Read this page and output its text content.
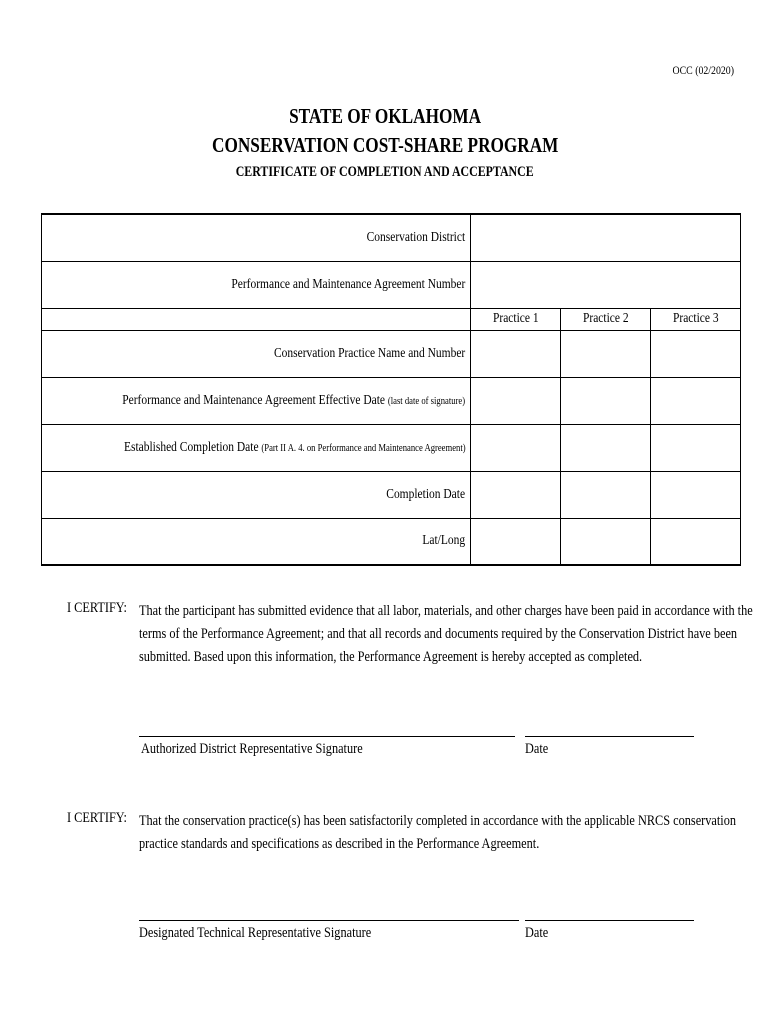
OCC (02/2020)
STATE OF OKLAHOMA
CONSERVATION COST-SHARE PROGRAM
CERTIFICATE OF COMPLETION AND ACCEPTANCE
Conservation District			
Performance and Maintenance Agreement Number			
	Practice 1	Practice 2	Practice 3
Conservation Practice Name and Number			
Performance and Maintenance Agreement Effective Date (last date of signature)			
Established Completion Date (Part II A. 4. on Performance and Maintenance Agreement)			
Completion Date			
Lat/Long			
I CERTIFY: That the participant has submitted evidence that all labor, materials, and other charges have been paid in accordance with the
terms of the Performance Agreement; and that all records and documents required by the Conservation District have been
submitted. Based upon this information, the Performance Agreement is hereby accepted as completed.
Authorized District Representative Signature	Date
I CERTIFY: That the conservation practice(s) has been satisfactorily completed in accordance with the applicable NRCS conservation
practice standards and specifications as described in the Performance Agreement.
Designated Technical Representative Signature	Date
